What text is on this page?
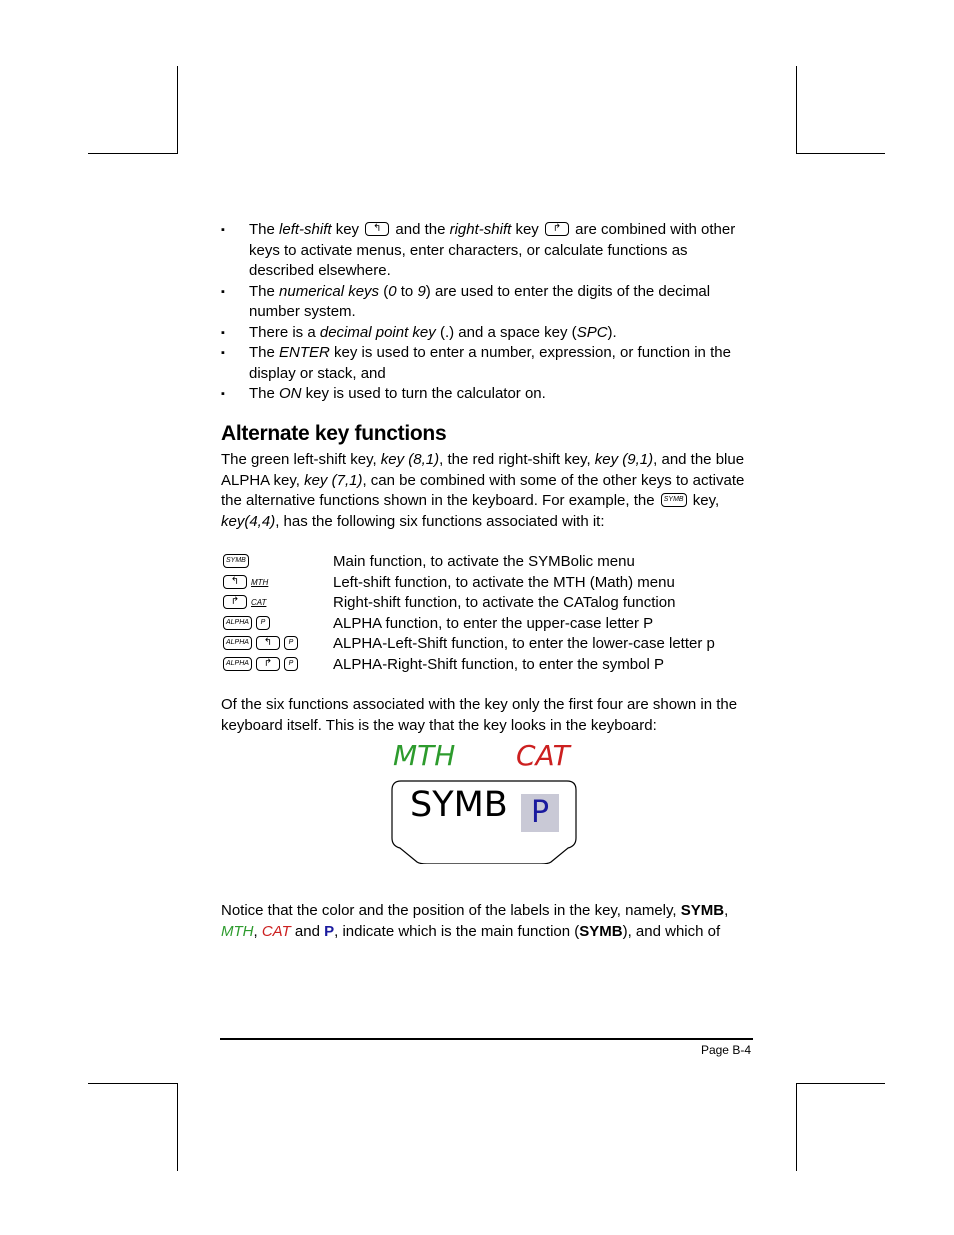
▪ The left-shift key ↰ and the right-shift key ↱ are combined with other keys to activate menus, enter characters, or calculate functions as described elsewhere.
▪ The numerical keys (0 to 9) are used to enter the digits of the decimal number system.
▪ There is a decimal point key (.) and a space key (SPC).
▪ The ENTER key is used to enter a number, expression, or function in the display or stack, and
▪ The ON key is used to turn the calculator on.
Alternate key functions

The green left-shift key, key (8,1), the red right-shift key, key (9,1), and the blue ALPHA key, key (7,1), can be combined with some of the other keys to activate the alternative functions shown in the keyboard. For example, the SYMB key, key(4,4), has the following six functions associated with it:

SYMB	Main function, to activate the SYMBolic menu
↰ MTH	Left-shift function, to activate the MTH (Math) menu
↱ CAT	Right-shift function, to activate the CATalog function
ALPHA P	ALPHA function, to enter the upper-case letter P
ALPHA ↰ P	ALPHA-Left-Shift function, to enter the lower-case letter p
ALPHA ↱ P	ALPHA-Right-Shift function, to enter the symbol P

Of the six functions associated with the key only the first four are shown in the keyboard itself. This is the way that the key looks in the keyboard:

MTH CAT
SYMB P

Notice that the color and the position of the labels in the key, namely, SYMB, MTH, CAT and P, indicate which is the main function (SYMB), and which of

Page B-4
